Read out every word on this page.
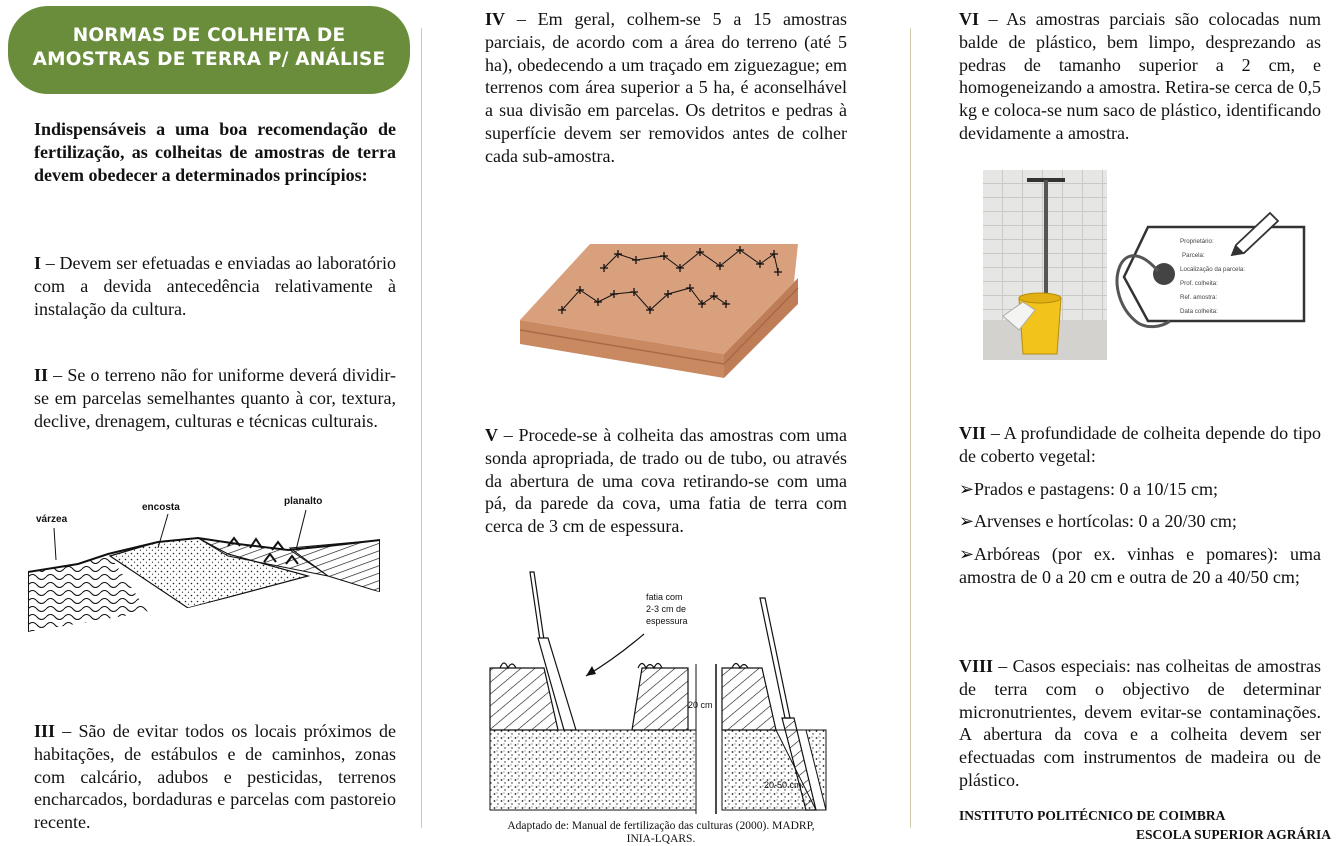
NORMAS DE COLHEITA DE
AMOSTRAS DE TERRA P/ ANÁLISE
Indispensáveis a uma boa recomendação de fertilização, as colheitas de amostras de terra devem obedecer a determinados princípios:
I – Devem ser efetuadas e enviadas ao laboratório com a devida antecedência relativamente à instalação da cultura.
II – Se o terreno não for uniforme deverá dividir-se em parcelas semelhantes quanto à cor, textura, declive, drenagem, culturas e técnicas culturais.
III – São de evitar todos os locais próximos de habitações, de estábulos e de caminhos, zonas com calcário, adubos e pesticidas, terrenos encharcados, bordaduras e parcelas com pastoreio recente.
várzea
encosta
planalto
IV – Em geral, colhem-se 5 a 15 amostras parciais, de acordo com a área do terreno (até 5 ha), obedecendo a um traçado em ziguezague; em terrenos com área superior a 5 ha, é aconselhável a sua divisão em parcelas. Os detritos e pedras à superfície devem ser removidos antes de colher cada sub-amostra.
V – Procede-se à colheita das amostras com uma sonda apropriada, de trado ou de tubo, ou através da abertura de uma cova retirando-se com uma pá, da parede da cova, uma fatia de terra com cerca de 3 cm de espessura.
fatia com
2-3 cm de
espessura
20 cm
20-50 cm
Adaptado de: Manual de fertilização das culturas (2000). MADRP,
INIA-LQARS.
VI – As amostras parciais são colocadas num balde de plástico, bem limpo, desprezando as pedras de tamanho superior a 2 cm, e homogeneizando a amostra. Retira-se cerca de 0,5 kg e coloca-se num saco de plástico, identificando devidamente a amostra.
VII – A profundidade de colheita depende do tipo de coberto vegetal:
➢Prados e pastagens: 0 a 10/15 cm;
➢Arvenses e hortícolas: 0 a 20/30 cm;
➢Arbóreas (por ex. vinhas e pomares): uma amostra de 0 a 20 cm e outra de 20 a 40/50 cm;
VIII – Casos especiais: nas colheitas de amostras de terra com o objectivo de determinar micronutrientes, devem evitar-se contaminações. A abertura da cova e a colheita devem ser efectuadas com instrumentos de madeira ou de plástico.
Proprietário:
Parcela:
Localização da parcela:
Prof. colheita:
Ref. amostra:
Data colheita:
INSTITUTO POLITÉCNICO DE COIMBRA
ESCOLA SUPERIOR AGRÁRIA
